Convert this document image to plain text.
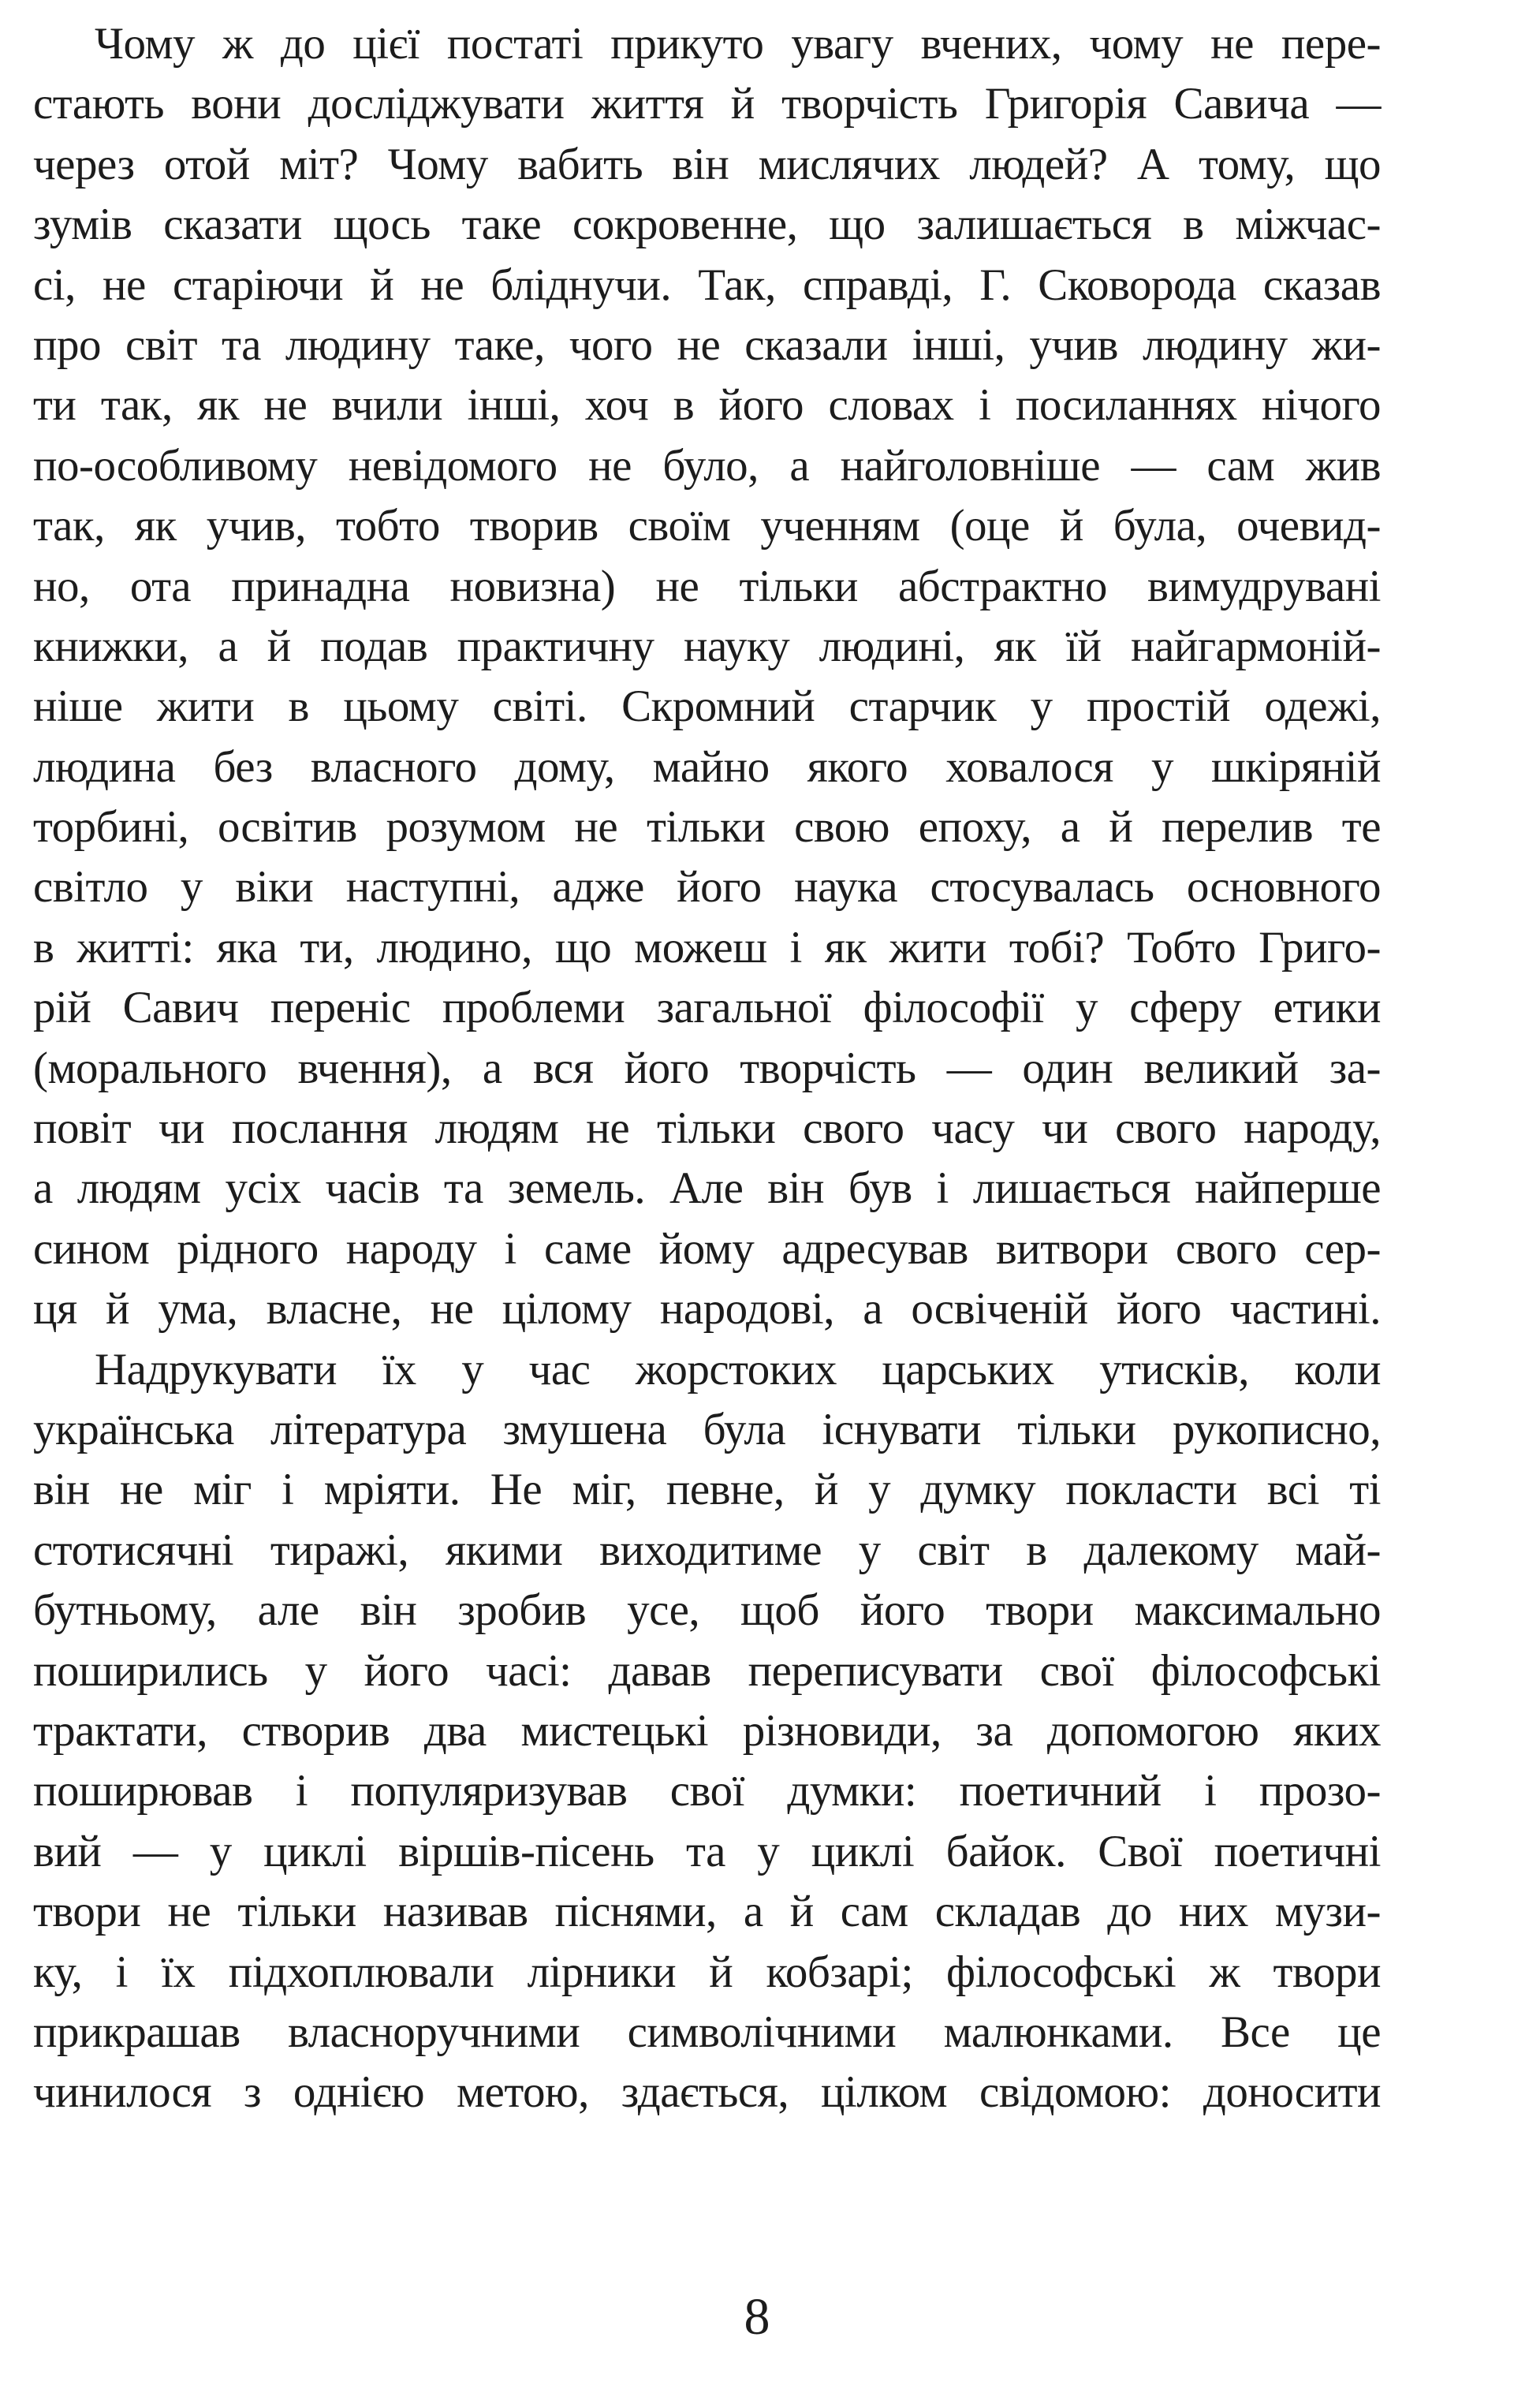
Чому ж до цієї постаті прикуто увагу вчених, чому не пере-
стають вони досліджувати життя й творчість Григорія Савича —
через отой міт? Чому вабить він мислячих людей? А тому, що
зумів сказати щось таке сокровенне, що залишається в міжчас-
сі, не старіючи й не бліднучи. Так, справді, Г. Сковорода сказав
про світ та людину таке, чого не сказали інші, учив людину жи-
ти так, як не вчили інші, хоч в його словах і посиланнях нічого
по-особливому невідомого не було, а найголовніше — сам жив
так, як учив, тобто творив своїм ученням (оце й була, очевид-
но, ота принадна новизна) не тільки абстрактно вимудрувані
книжки, а й подав практичну науку людині, як їй найгармоній-
ніше жити в цьому світі. Скромний старчик у простій одежі,
людина без власного дому, майно якого ховалося у шкіряній
торбині, освітив розумом не тільки свою епоху, а й перелив те
світло у віки наступні, адже його наука стосувалась основного
в житті: яка ти, людино, що можеш і як жити тобі? Тобто Григо-
рій Савич переніс проблеми загальної філософії у сферу етики
(морального вчення), а вся його творчість — один великий за-
повіт чи послання людям не тільки свого часу чи свого народу,
а людям усіх часів та земель. Але він був і лишається найперше
сином рідного народу і саме йому адресував витвори свого сер-
ця й ума, власне, не цілому народові, а освіченій його частині.
Надрукувати їх у час жорстоких царських утисків, коли
українська література змушена була існувати тільки рукописно,
він не міг і мріяти. Не міг, певне, й у думку покласти всі ті
стотисячні тиражі, якими виходитиме у світ в далекому май-
бутньому, але він зробив усе, щоб його твори максимально
поширились у його часі: давав переписувати свої філософські
трактати, створив два мистецькі різновиди, за допомогою яких
поширював і популяризував свої думки: поетичний і прозо-
вий — у циклі віршів-пісень та у циклі байок. Свої поетичні
твори не тільки називав піснями, а й сам складав до них музи-
ку, і їх підхоплювали лірники й кобзарі; філософські ж твори
прикрашав власноручними символічними малюнками. Все це
чинилося з однією метою, здається, цілком свідомою: доносити
8
